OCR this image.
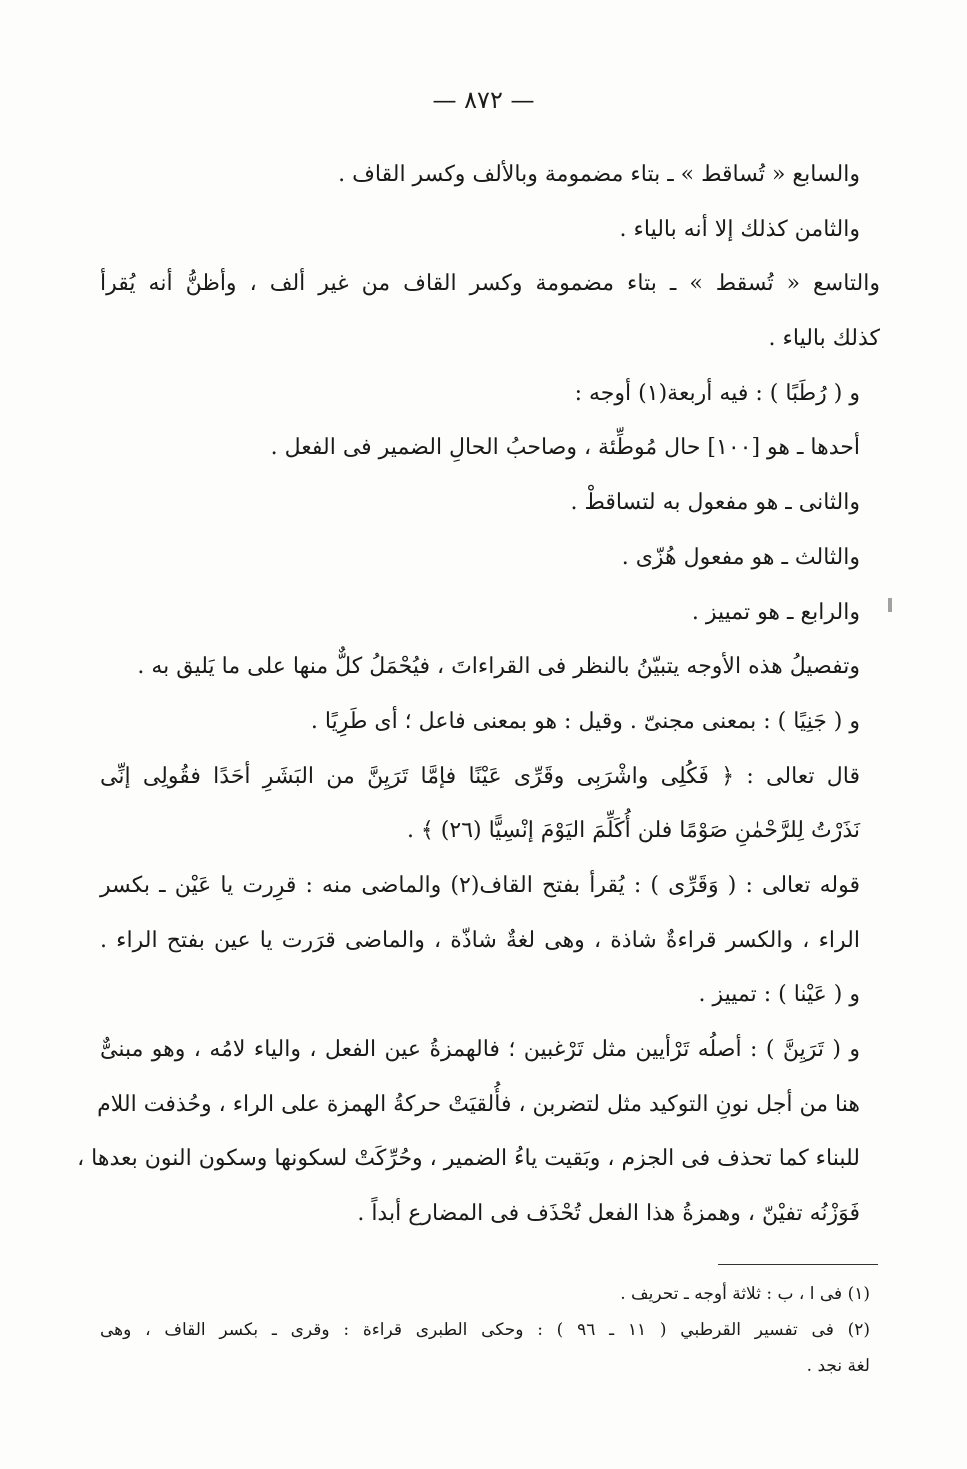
— ٨٧٢ —
والسابع « تُساقط » ـ بتاء مضمومة وبالألف وكسر القاف .
والثامن كذلك إلا أنه بالياء .
والتاسع « تُسقط » ـ بتاء مضمومة وكسر القاف من غير ألف ، وأظنُّ أنه يُقرأ
كذلك بالياء .
و ( رُطَبًا ) : فيه أربعة(١) أوجه :
أحدها ـ هو [١٠٠] حال مُوطِّئة ، وصاحبُ الحالِ الضمير فى الفعل .
والثانى ـ هو مفعول به لتساقطْ .
والثالث ـ هو مفعول هُزّى .
والرابع ـ هو تمييز .
وتفصيلُ هذه الأوجه يتبيّنُ بالنظر فى القراءاتَ ، فيُحْمَلُ كلٌّ منها على ما يَليق به .
و ( جَنِيًا ) : بمعنى مجنىّ . وقيل : هو بمعنى فاعل ؛ أى طَرِيًا .
قال تعالى : ﴿ فَكُلِى واشْرَبِى وقَرِّى عَيْنًا فإمَّا تَرَيِنَّ من البَشَرِ أحَدًا فقُولِى إنِّى
نَذَرْتُ لِلرَّحْمٰنِ صَوْمًا فلن أُكَلِّمَ اليَوْمَ إنْسِيًّا (٢٦) ﴾ .
قوله تعالى : ( وَقَرِّى ) : يُقرأ بفتح القاف(٢) والماضى منه : قرِرت يا عَيْن ـ بكسر
الراء ، والكسر قراءةٌ شاذة ، وهى لغةٌ شاذّة ، والماضى قرَرت يا عين بفتح الراء .
و ( عَيْنا ) : تمييز .
و ( تَرَيِنَّ ) : أصلُه تَرْأيين مثل تَرْغبين ؛ فالهمزةُ عين الفعل ، والياء لامُه ، وهو مبنىٌّ
هنا من أجل نونِ التوكيد مثل لتضربن ، فأُلقيَتْ حركةُ الهمزة على الراء ، وحُذفت اللام
للبناء كما تحذف فى الجزم ، وبَقيت ياءُ الضمير ، وحُرِّكَتْ لسكونها وسكون النون بعدها ،
فَوَزْنُه تفيْنّ ، وهمزةُ هذا الفعل تُحْذَف فى المضارع أبداً .
(١) فى ا ، ب : ثلاثة أوجه ـ تحريف .
(٢) فى تفسير القرطبي ( ١١ ـ ٩٦ ) : وحكى الطبرى قراءة : وقرى ـ بكسر القاف ، وهى
لغة نجد .
